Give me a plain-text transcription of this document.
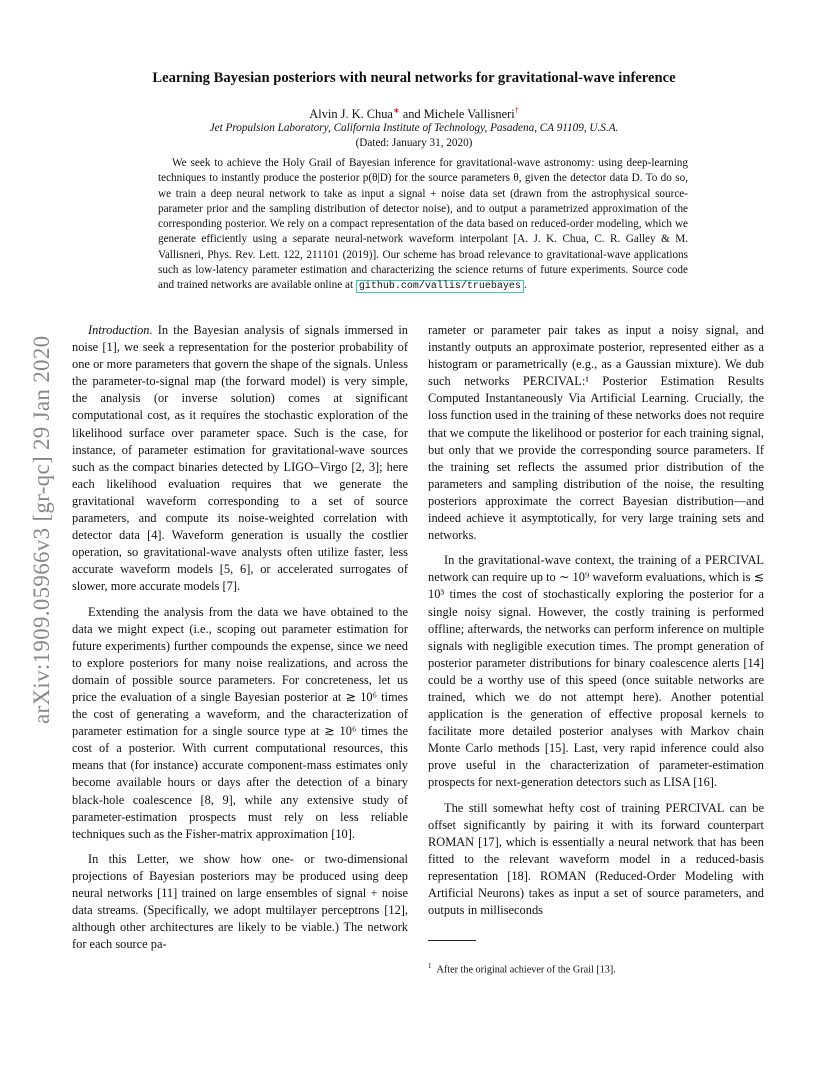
arXiv:1909.05966v3 [gr-qc] 29 Jan 2020
Learning Bayesian posteriors with neural networks for gravitational-wave inference
Alvin J. K. Chua∗ and Michele Vallisneri†
Jet Propulsion Laboratory, California Institute of Technology, Pasadena, CA 91109, U.S.A.
(Dated: January 31, 2020)
We seek to achieve the Holy Grail of Bayesian inference for gravitational-wave astronomy: using deep-learning techniques to instantly produce the posterior p(θ|D) for the source parameters θ, given the detector data D. To do so, we train a deep neural network to take as input a signal + noise data set (drawn from the astrophysical source-parameter prior and the sampling distribution of detector noise), and to output a parametrized approximation of the corresponding posterior. We rely on a compact representation of the data based on reduced-order modeling, which we generate efficiently using a separate neural-network waveform interpolant [A. J. K. Chua, C. R. Galley & M. Vallisneri, Phys. Rev. Lett. 122, 211101 (2019)]. Our scheme has broad relevance to gravitational-wave applications such as low-latency parameter estimation and characterizing the science returns of future experiments. Source code and trained networks are available online at github.com/vallis/truebayes .

Introduction. In the Bayesian analysis of signals immersed in noise [1], we seek a representation for the posterior probability of one or more parameters that govern the shape of the signals. Unless the parameter-to-signal map (the forward model) is very simple, the analysis (or inverse solution) comes at significant computational cost, as it requires the stochastic exploration of the likelihood surface over parameter space. Such is the case, for instance, of parameter estimation for gravitational-wave sources such as the compact binaries detected by LIGO–Virgo [2, 3]; here each likelihood evaluation requires that we generate the gravitational waveform corresponding to a set of source parameters, and compute its noise-weighted correlation with detector data [4]. Waveform generation is usually the costlier operation, so gravitational-wave analysts often utilize faster, less accurate waveform models [5, 6], or accelerated surrogates of slower, more accurate models [7].

Extending the analysis from the data we have obtained to the data we might expect (i.e., scoping out parameter estimation for future experiments) further compounds the expense, since we need to explore posteriors for many noise realizations, and across the domain of possible source parameters. For concreteness, let us price the evaluation of a single Bayesian posterior at ≳ 10⁶ times the cost of generating a waveform, and the characterization of parameter estimation for a single source type at ≳ 10⁶ times the cost of a posterior. With current computational resources, this means that (for instance) accurate component-mass estimates only become available hours or days after the detection of a binary black-hole coalescence [8, 9], while any extensive study of parameter-estimation prospects must rely on less reliable techniques such as the Fisher-matrix approximation [10].

In this Letter, we show how one- or two-dimensional projections of Bayesian posteriors may be produced using deep neural networks [11] trained on large ensembles of signal + noise data streams. (Specifically, we adopt multilayer perceptrons [12], although other architectures are likely to be viable.) The network for each source pa-

rameter or parameter pair takes as input a noisy signal, and instantly outputs an approximate posterior, represented either as a histogram or parametrically (e.g., as a Gaussian mixture). We dub such networks PERCIVAL:¹ Posterior Estimation Results Computed Instantaneously Via Artificial Learning. Crucially, the loss function used in the training of these networks does not require that we compute the likelihood or posterior for each training signal, but only that we provide the corresponding source parameters. If the training set reflects the assumed prior distribution of the parameters and sampling distribution of the noise, the resulting posteriors approximate the correct Bayesian distribution—and indeed achieve it asymptotically, for very large training sets and networks.

In the gravitational-wave context, the training of a PERCIVAL network can require up to ∼ 10⁹ waveform evaluations, which is ≲ 10³ times the cost of stochastically exploring the posterior for a single noisy signal. However, the costly training is performed offline; afterwards, the networks can perform inference on multiple signals with negligible execution times. The prompt generation of posterior parameter distributions for binary coalescence alerts [14] could be a worthy use of this speed (once suitable networks are trained, which we do not attempt here). Another potential application is the generation of effective proposal kernels to facilitate more detailed posterior analyses with Markov chain Monte Carlo methods [15]. Last, very rapid inference could also prove useful in the characterization of parameter-estimation prospects for next-generation detectors such as LISA [16].

The still somewhat hefty cost of training PERCIVAL can be offset significantly by pairing it with its forward counterpart ROMAN [17], which is essentially a neural network that has been fitted to the relevant waveform model in a reduced-basis representation [18]. ROMAN (Reduced-Order Modeling with Artificial Neurons) takes as input a set of source parameters, and outputs in milliseconds

$^1$ After the original achiever of the Grail [13].
